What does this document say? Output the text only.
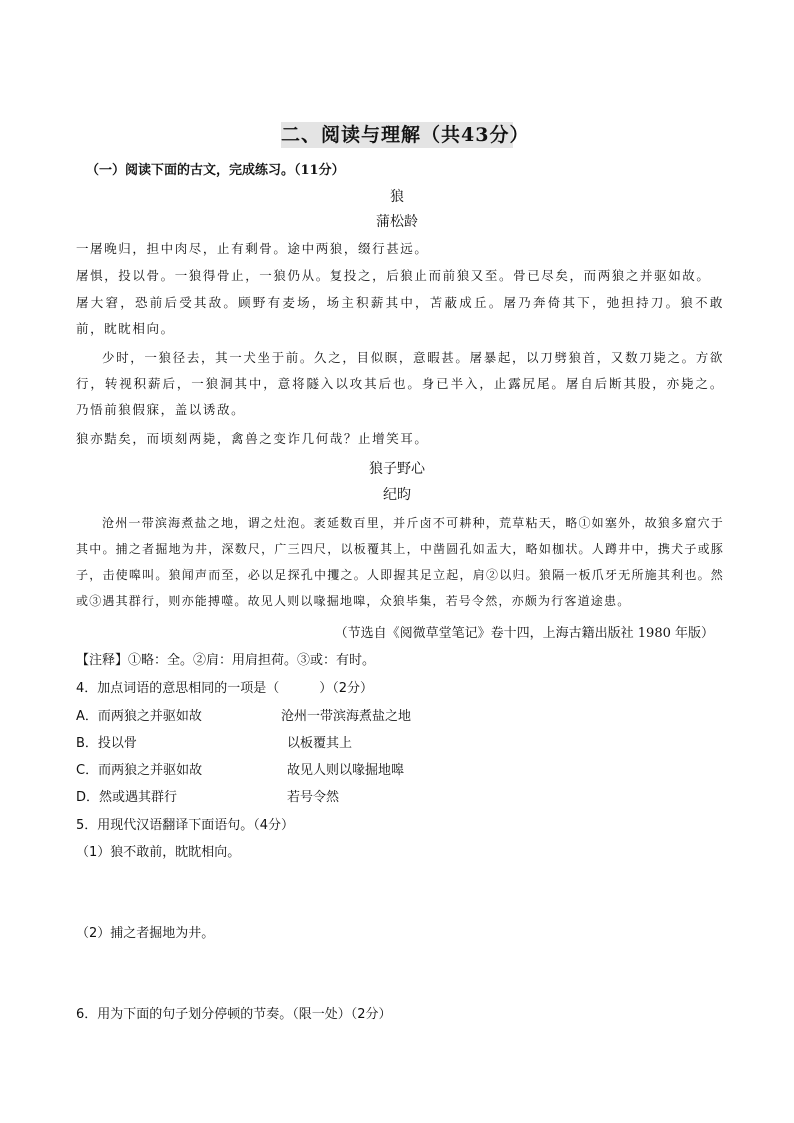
二、阅读与理解（共43分）
（一）阅读下面的古文，完成练习。（11分）
狼
蒲松龄
一屠晚归，担中肉尽，止有剩骨。途中两狼，缀行甚远。
屠惧，投以骨。一狼得骨止，一狼仍从。复投之，后狼止而前狼又至。骨已尽矣，而两狼之并驱如故。
屠大窘，恐前后受其敌。顾野有麦场，场主积薪其中，苫蔽成丘。屠乃奔倚其下，弛担持刀。狼不敢前，眈眈相向。
少时，一狼径去，其一犬坐于前。久之，目似瞑，意暇甚。屠暴起，以刀劈狼首，又数刀毙之。方欲行，转视积薪后，一狼洞其中，意将隧入以攻其后也。身已半入，止露尻尾。屠自后断其股，亦毙之。乃悟前狼假寐，盖以诱敌。
狼亦黠矣，而顷刻两毙，禽兽之变诈几何哉？止增笑耳。
狼子野心
纪昀
沧州一带滨海煮盐之地，谓之灶泡。袤延数百里，并斤卤不可耕种，荒草粘天，略①如塞外，故狼多窟穴于其中。捕之者掘地为井，深数尺，广三四尺，以板覆其上，中凿圆孔如盂大，略如枷状。人蹲井中，携犬子或豚子，击使嗥叫。狼闻声而至，必以足探孔中攫之。人即握其足立起，肩②以归。狼隔一板爪牙无所施其利也。然或③遇其群行，则亦能搏噬。故见人则以喙掘地嗥，众狼毕集，若号令然，亦颇为行客道途患。
（节选自《阅微草堂笔记》卷十四，上海古籍出版社 1980 年版）
【注释】①略：全。②肩：用肩担荷。③或：有时。
4．加点词语的意思相同的一项是（	）（2分）
A．而两狼之并驱如故	沧州一带滨海煮盐之地
B．投以骨	以板覆其上
C．而两狼之并驱如故	故见人则以喙掘地嗥
D．然或遇其群行	若号令然
5．用现代汉语翻译下面语句。（4分）
（1）狼不敢前，眈眈相向。
（2）捕之者掘地为井。
6．用为下面的句子划分停顿的节奏。（限一处）（2分）
